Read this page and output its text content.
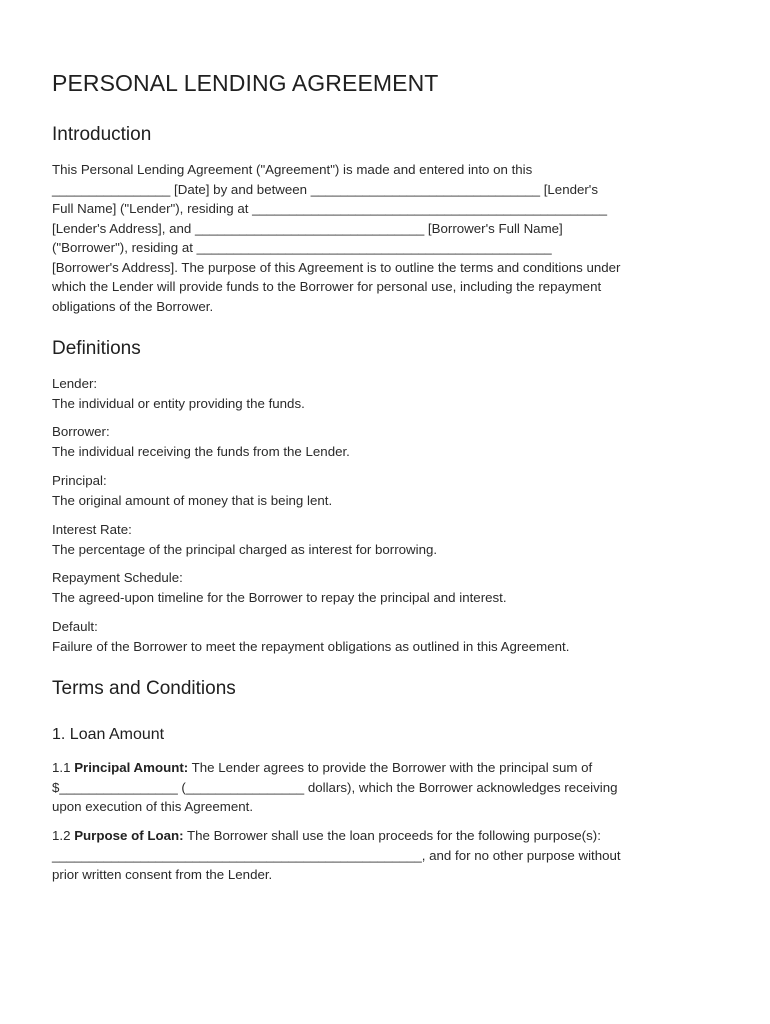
PERSONAL LENDING AGREEMENT
Introduction
This Personal Lending Agreement ("Agreement") is made and entered into on this
________________ [Date] by and between _______________________________ [Lender's
Full Name] ("Lender"), residing at ________________________________________________
[Lender's Address], and _______________________________ [Borrower's Full Name]
("Borrower"), residing at ________________________________________________
[Borrower's Address]. The purpose of this Agreement is to outline the terms and conditions under
which the Lender will provide funds to the Borrower for personal use, including the repayment
obligations of the Borrower.
Definitions
Lender:
The individual or entity providing the funds.
Borrower:
The individual receiving the funds from the Lender.
Principal:
The original amount of money that is being lent.
Interest Rate:
The percentage of the principal charged as interest for borrowing.
Repayment Schedule:
The agreed-upon timeline for the Borrower to repay the principal and interest.
Default:
Failure of the Borrower to meet the repayment obligations as outlined in this Agreement.
Terms and Conditions
1. Loan Amount
1.1 Principal Amount: The Lender agrees to provide the Borrower with the principal sum of
$________________ (________________ dollars), which the Borrower acknowledges receiving
upon execution of this Agreement.
1.2 Purpose of Loan: The Borrower shall use the loan proceeds for the following purpose(s):
__________________________________________________, and for no other purpose without
prior written consent from the Lender.
